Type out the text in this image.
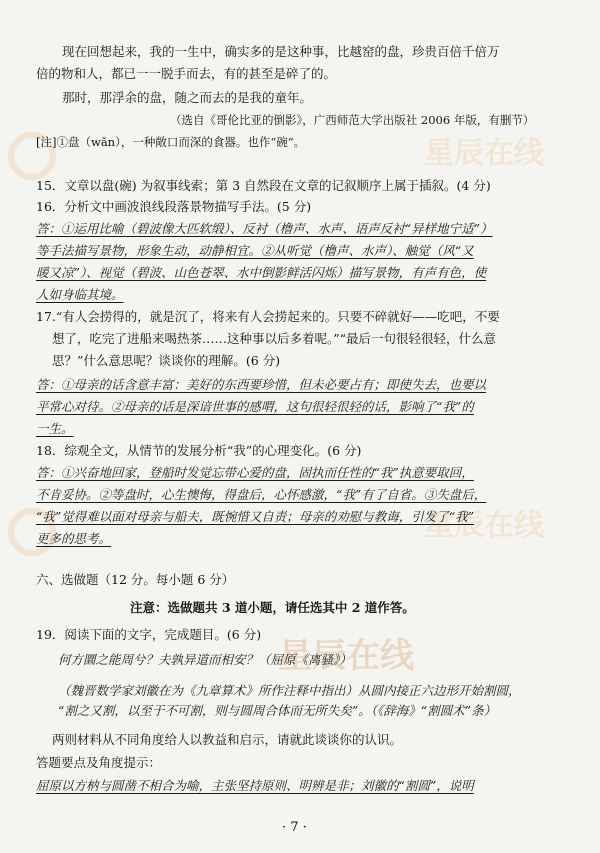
星辰在线
星辰在线
星辰在线
现在回想起来，我的一生中，确实多的是这种事，比越窑的盘，珍贵百倍千倍万
倍的物和人，都已一一脱手而去，有的甚至是碎了的。
那时，那浮余的盘，随之而去的是我的童年。
（选自《哥伦比亚的倒影》，广西师范大学出版社 2006 年版，有删节）
[注]①盘（wǎn），一种敞口而深的食器。也作“碗”。
15．文章以盘(碗) 为叙事线索；第 3 自然段在文章的记叙顺序上属于插叙。(4 分)
16．分析文中画波浪线段落景物描写手法。(5 分)
答：①运用比喻（碧波像大匹软缎）、反衬（橹声、水声、语声反衬“异样地宁适”）
等手法描写景物，形象生动，动静相宜。②从听觉（橹声、水声）、触觉（风“又
暖又凉”）、视觉（碧波、山色苍翠、水中倒影鲜活闪烁）描写景物，有声有色，使
人如身临其境。
17.“有人会捞得的，就是沉了，将来有人会捞起来的。只要不碎就好——吃吧，不要
想了，吃完了进船来喝热茶……这种事以后多着呢。”“最后一句很轻很轻，什么意
思？”什么意思呢？谈谈你的理解。(6 分)
答：①母亲的话含意丰富：美好的东西要珍惜，但未必要占有；即使失去，也要以
平常心对待。②母亲的话是深谙世事的感喟，这句很轻很轻的话，影响了“我”的
一生。
18．综观全文，从情节的发展分析“我”的心理变化。(6 分)
答：①兴奋地回家，登船时发觉忘带心爱的盘，固执而任性的“我”执意要取回，
不肯妥协。②等盘时，心生懊悔，得盘后，心怀感激，“我”有了自省。③失盘后，
“我”觉得难以面对母亲与船夫，既惋惜又自责；母亲的劝慰与教诲，引发了“我”
更多的思考。
六、选做题（12 分。每小题 6 分）
注意：选做题共 3 道小题，请任选其中 2 道作答。
19．阅读下面的文字，完成题目。(6 分)
何方圜之能周兮？夫孰异道而相安？（屈原《离骚》）
（魏晋数学家刘徽在为《九章算术》所作注释中指出）从圆内接正六边形开始割圆，
“割之又割，以至于不可割，则与圆周合体而无所失矣”。（《辞海》“割圆术”条）
两则材料从不同角度给人以教益和启示，请就此谈谈你的认识。
答题要点及角度提示：
屈原以方枘与圆凿不相合为喻，主张坚持原则、明辨是非；刘徽的“割圆”，说明
· 7 ·
